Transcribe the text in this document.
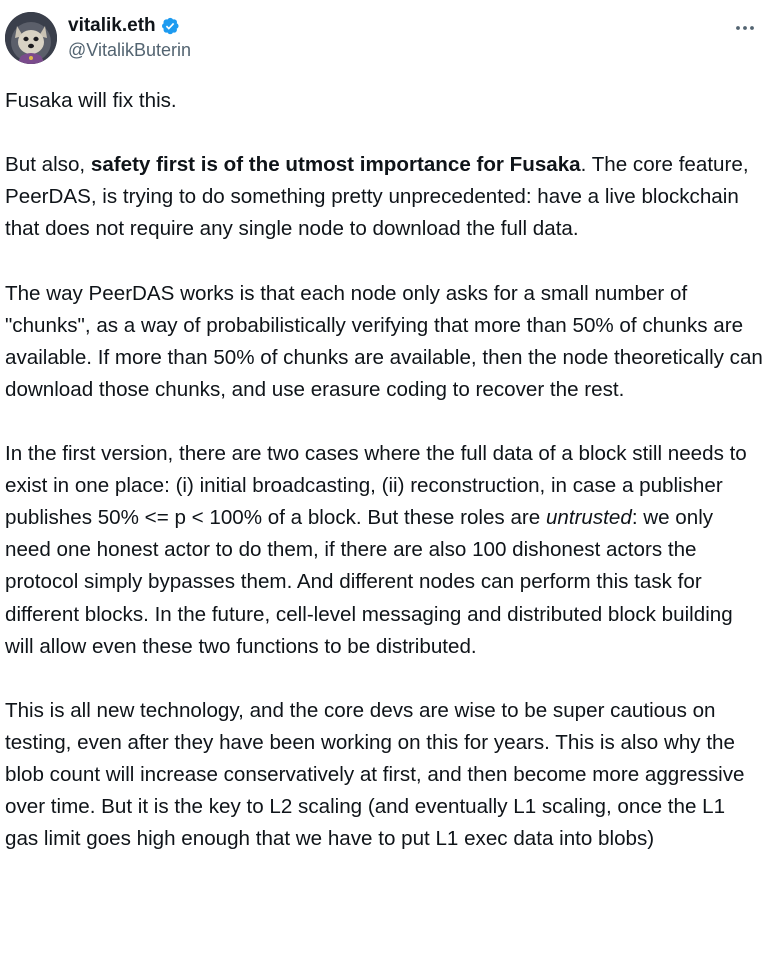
vitalik.eth
@VitalikButerin

Fusaka will fix this.

But also, safety first is of the utmost importance for Fusaka. The core feature, PeerDAS, is trying to do something pretty unprecedented: have a live blockchain that does not require any single node to download the full data.

The way PeerDAS works is that each node only asks for a small number of "chunks", as a way of probabilistically verifying that more than 50% of chunks are available. If more than 50% of chunks are available, then the node theoretically can download those chunks, and use erasure coding to recover the rest.

In the first version, there are two cases where the full data of a block still needs to exist in one place: (i) initial broadcasting, (ii) reconstruction, in case a publisher publishes 50% <= p < 100% of a block. But these roles are untrusted: we only need one honest actor to do them, if there are also 100 dishonest actors the protocol simply bypasses them. And different nodes can perform this task for different blocks. In the future, cell-level messaging and distributed block building will allow even these two functions to be distributed.

This is all new technology, and the core devs are wise to be super cautious on testing, even after they have been working on this for years. This is also why the blob count will increase conservatively at first, and then become more aggressive over time. But it is the key to L2 scaling (and eventually L1 scaling, once the L1 gas limit goes high enough that we have to put L1 exec data into blobs)
